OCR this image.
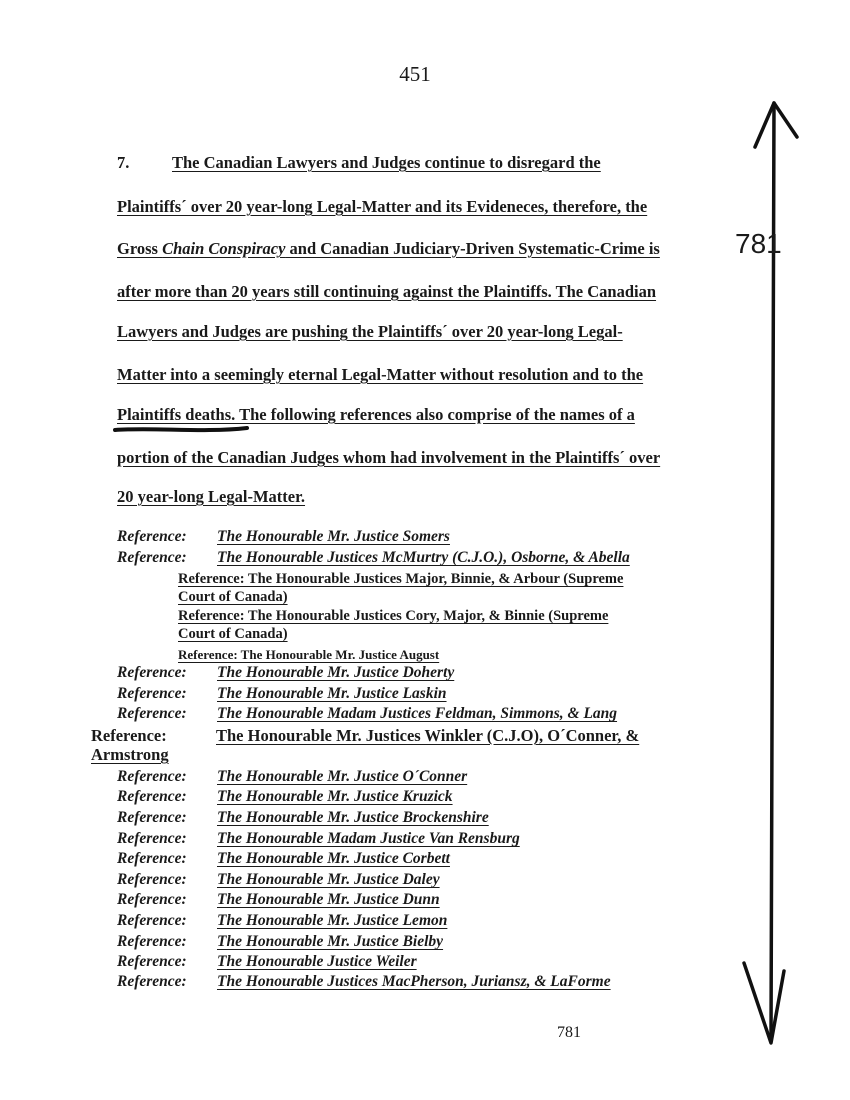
451
781
7.	The Canadian Lawyers and Judges continue to disregard the
Plaintiffs´ over 20 year-long Legal-Matter and its Evideneces, therefore, the
Gross Chain Conspiracy and Canadian Judiciary-Driven Systematic-Crime is
after more than 20 years still continuing against the Plaintiffs. The Canadian
Lawyers and Judges are pushing the Plaintiffs´ over 20 year-long Legal-
Matter into a seemingly eternal Legal-Matter without resolution and to the
Plaintiffs deaths. The following references also comprise of the names of a
portion of the Canadian Judges whom had involvement in the Plaintiffs´ over
20 year-long Legal-Matter.
Reference: The Honourable Mr. Justice Somers
Reference: The Honourable Justices McMurtry (C.J.O.), Osborne, & Abella
Reference: The Honourable Justices Major, Binnie, & Arbour (Supreme
Court of Canada)
Reference: The Honourable Justices Cory, Major, & Binnie (Supreme
Court of Canada)
Reference: The Honourable Mr. Justice August
Reference: The Honourable Mr. Justice Doherty
Reference: The Honourable Mr. Justice Laskin
Reference: The Honourable Madam Justices Feldman, Simmons, & Lang
Reference:	The Honourable Mr. Justices Winkler (C.J.O), O´Conner, &
Armstrong
Reference: The Honourable Mr. Justice O´Conner
Reference: The Honourable Mr. Justice Kruzick
Reference: The Honourable Mr. Justice Brockenshire
Reference: The Honourable Madam Justice Van Rensburg
Reference: The Honourable Mr. Justice Corbett
Reference: The Honourable Mr. Justice Daley
Reference: The Honourable Mr. Justice Dunn
Reference: The Honourable Mr. Justice Lemon
Reference: The Honourable Mr. Justice Bielby
Reference: The Honourable Justice Weiler
Reference: The Honourable Justices MacPherson, Juriansz, & LaForme
781
